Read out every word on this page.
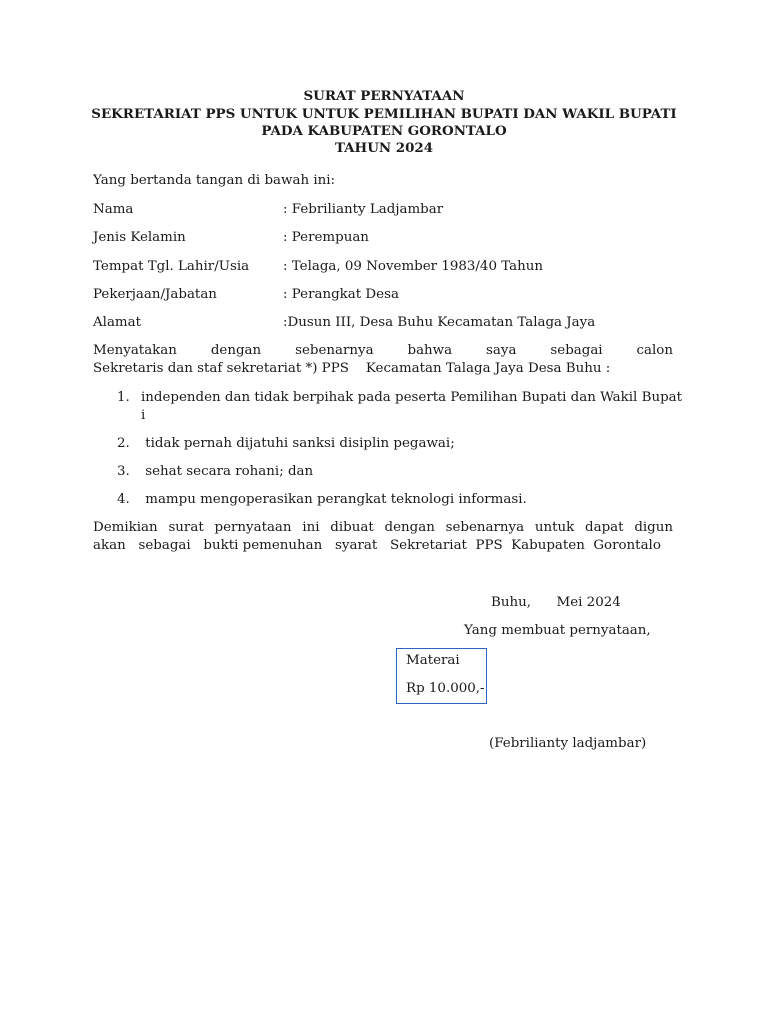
SURAT PERNYATAAN
SEKRETARIAT PPS UNTUK UNTUK PEMILIHAN BUPATI DAN WAKIL BUPATI
PADA KABUPATEN GORONTALO
TAHUN 2024
Yang bertanda tangan di bawah ini:
Nama	: Febrilianty Ladjambar
Jenis Kelamin	: Perempuan
Tempat Tgl. Lahir/Usia	: Telaga, 09 November 1983/40 Tahun
Pekerjaan/Jabatan	: Perangkat Desa
Alamat	:Dusun III, Desa Buhu Kecamatan Talaga Jaya
Menyatakan dengan sebenarnya bahwa saya sebagai calon
Sekretaris dan staf sekretariat *) PPS    Kecamatan Talaga Jaya Desa Buhu :
1. independen dan tidak berpihak pada peserta Pemilihan Bupati dan Wakil Bupat
i
2. tidak pernah dijatuhi sanksi disiplin pegawai;
3. sehat secara rohani; dan
4. mampu mengoperasikan perangkat teknologi informasi.
Demikian surat pernyataan ini dibuat dengan sebenarnya untuk dapat digun
akan   sebagai   bukti pemenuhan   syarat   Sekretariat  PPS  Kabupaten  Gorontalo
Buhu,      Mei 2024
Yang membuat pernyataan,
Materai
Rp 10.000,-
(Febrilianty ladjambar)
